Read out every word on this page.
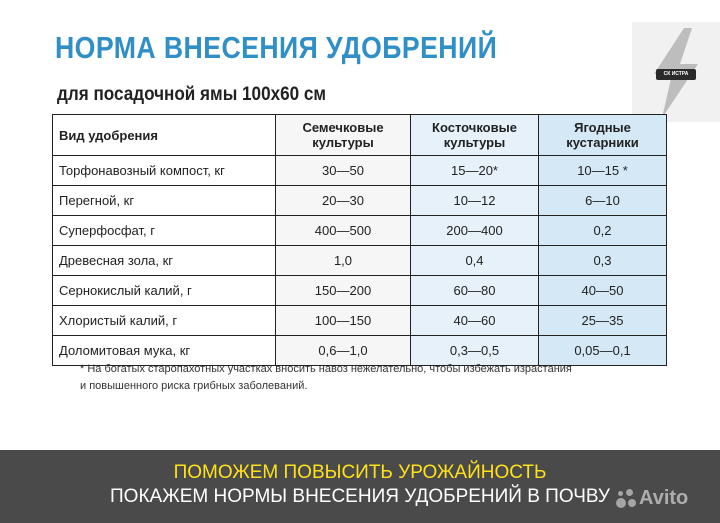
НОРМА ВНЕСЕНИЯ УДОБРЕНИЙ
для посадочной ямы 100х60 см
СК ИСТРА
Вид удобрения	Семечковые культуры	Косточковые культуры	Ягодные кустарники
Торфонавозный компост, кг	30—50	15—20*	10—15 *
Перегной, кг	20—30	10—12	6—10
Суперфосфат, г	400—500	200—400	0,2
Древесная зола, кг	1,0	0,4	0,3
Сернокислый калий, г	150—200	60—80	40—50
Хлористый калий, г	100—150	40—60	25—35
Доломитовая мука, кг	0,6—1,0	0,3—0,5	0,05—0,1
* На богатых старопахотных участках вносить навоз нежелательно, чтобы избежать израстания
и повышенного риска грибных заболеваний.
ПОМОЖЕМ ПОВЫСИТЬ УРОЖАЙНОСТЬ
ПОКАЖЕМ НОРМЫ ВНЕСЕНИЯ УДОБРЕНИЙ В ПОЧВУ	Avito
